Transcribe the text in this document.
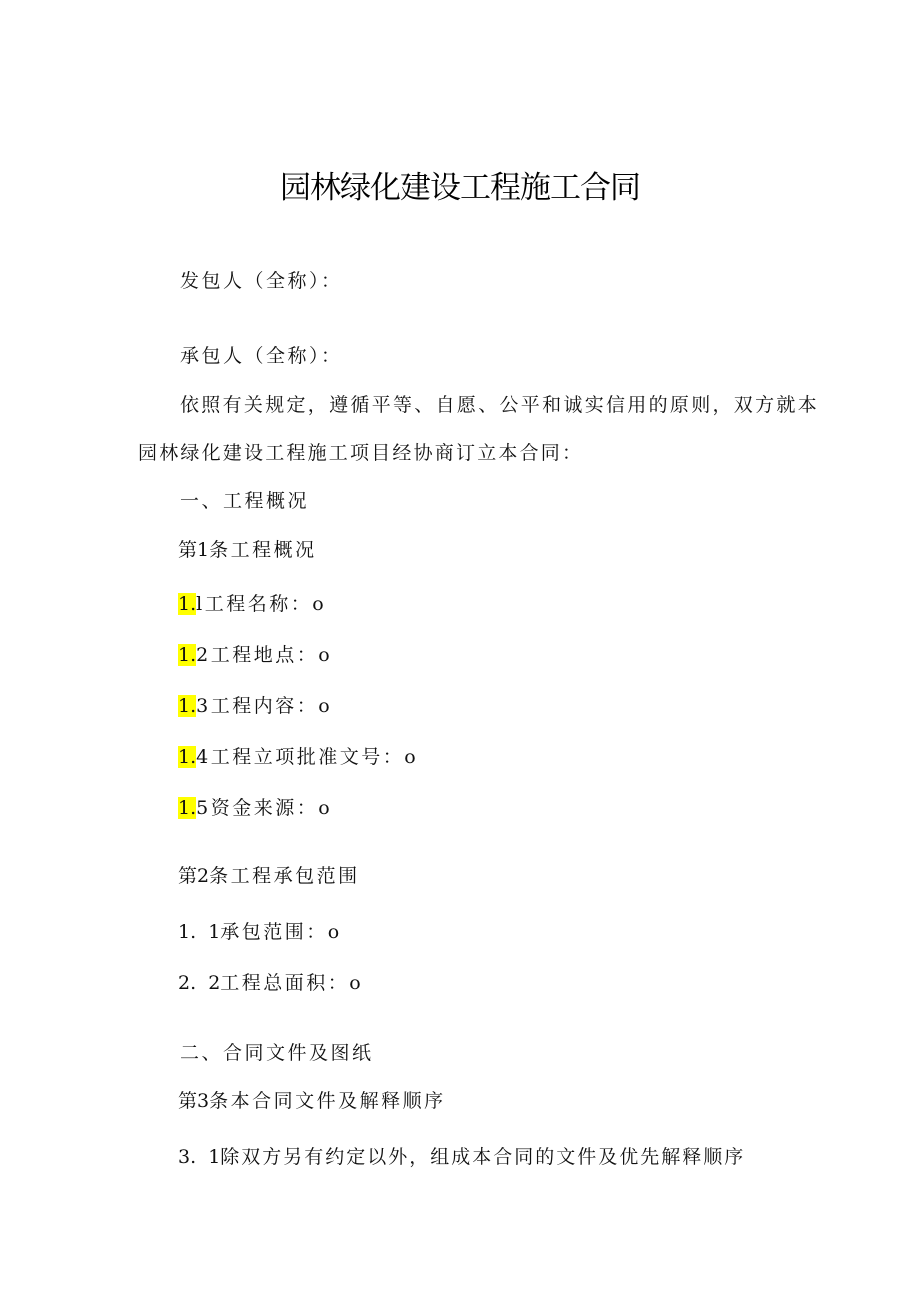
园林绿化建设工程施工合同
发包人（全称）：
承包人（全称）：
依照有关规定，遵循平等、自愿、公平和诚实信用的原则，双方就本
园林绿化建设工程施工项目经协商订立本合同：
一、工程概况
第1条工程概况
1.l工程名称：o
1.2工程地点：o
1.3工程内容：o
1.4工程立项批准文号：o
1.5资金来源：o
第2条工程承包范围
1.  1承包范围：o
2.  2工程总面积：o
二、合同文件及图纸
第3条本合同文件及解释顺序
3.  1除双方另有约定以外，组成本合同的文件及优先解释顺序
